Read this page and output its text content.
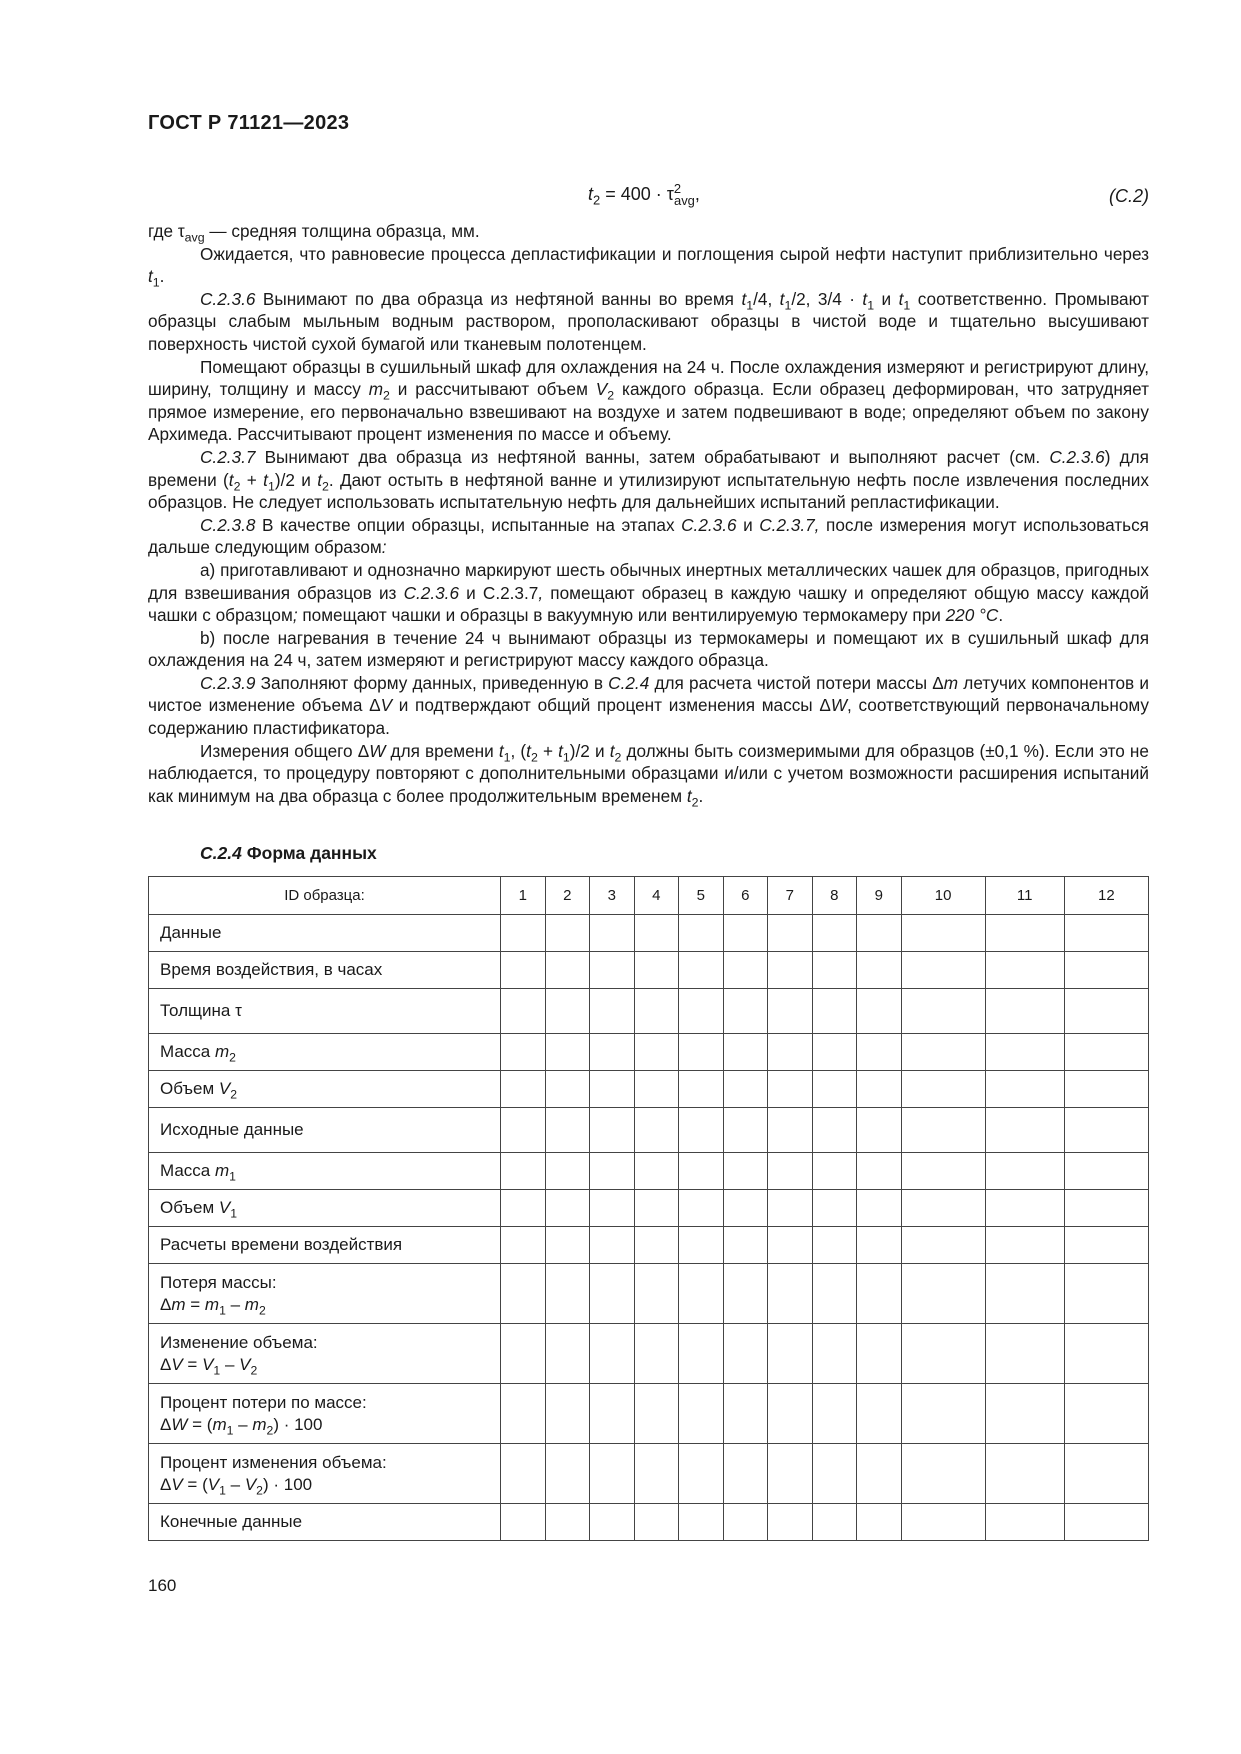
ГОСТ Р 71121—2023
$t_2 = 400 \cdot \tau^2_{avg}$,	(С.2)

где $\tau_{avg}$ — средняя толщина образца, мм.

Ожидается, что равновесие процесса депластификации и поглощения сырой нефти наступит приблизительно через $t_1$.

С.2.3.6 Вынимают по два образца из нефтяной ванны во время $t_1/4$, $t_1/2$, $3/4 \cdot t_1$ и $t_1$ соответственно. Промывают образцы слабым мыльным водным раствором, прополаскивают образцы в чистой воде и тщательно высушивают поверхность чистой сухой бумагой или тканевым полотенцем.

Помещают образцы в сушильный шкаф для охлаждения на 24 ч. После охлаждения измеряют и регистрируют длину, ширину, толщину и массу $m_2$ и рассчитывают объем $V_2$ каждого образца. Если образец деформирован, что затрудняет прямое измерение, его первоначально взвешивают на воздухе и затем подвешивают в воде; определяют объем по закону Архимеда. Рассчитывают процент изменения по массе и объему.

С.2.3.7 Вынимают два образца из нефтяной ванны, затем обрабатывают и выполняют расчет (см. С.2.3.6) для времени $(t_2 + t_1)/2$ и $t_2$. Дают остыть в нефтяной ванне и утилизируют испытательную нефть после извлечения последних образцов. Не следует использовать испытательную нефть для дальнейших испытаний репластификации.

С.2.3.8 В качестве опции образцы, испытанные на этапах С.2.3.6 и С.2.3.7, после измерения могут использоваться дальше следующим образом:

a) приготавливают и однозначно маркируют шесть обычных инертных металлических чашек для образцов, пригодных для взвешивания образцов из С.2.3.6 и С.2.3.7, помещают образец в каждую чашку и определяют общую массу каждой чашки с образцом; помещают чашки и образцы в вакуумную или вентилируемую термокамеру при 220 °С.

b) после нагревания в течение 24 ч вынимают образцы из термокамеры и помещают их в сушильный шкаф для охлаждения на 24 ч, затем измеряют и регистрируют массу каждого образца.

С.2.3.9 Заполняют форму данных, приведенную в С.2.4 для расчета чистой потери массы Δm летучих компонентов и чистое изменение объема ΔV и подтверждают общий процент изменения массы ΔW, соответствующий первоначальному содержанию пластификатора.

Измерения общего ΔW для времени $t_1$, $(t_2 + t_1)/2$ и $t_2$ должны быть соизмеримыми для образцов (±0,1 %). Если это не наблюдается, то процедуру повторяют с дополнительными образцами и/или с учетом возможности расширения испытаний как минимум на два образца с более продолжительным временем $t_2$.

С.2.4 Форма данных
ID образца:	1	2	3	4	5	6	7	8	9	10	11	12
Данные												
Время воздействия, в часах												
Толщина τ												
Масса $m_2$												
Объем $V_2$												
Исходные данные												
Масса $m_1$												
Объем $V_1$												
Расчеты времени воздействия												
Потеря массы:
$\Delta m = m_1 - m_2$												
Изменение объема:
$\Delta V = V_1 - V_2$												
Процент потери по массе:
$\Delta W = (m_1 - m_2) \cdot 100$												
Процент изменения объема:
$\Delta V = (V_1 - V_2) \cdot 100$												
Конечные данные												
160
